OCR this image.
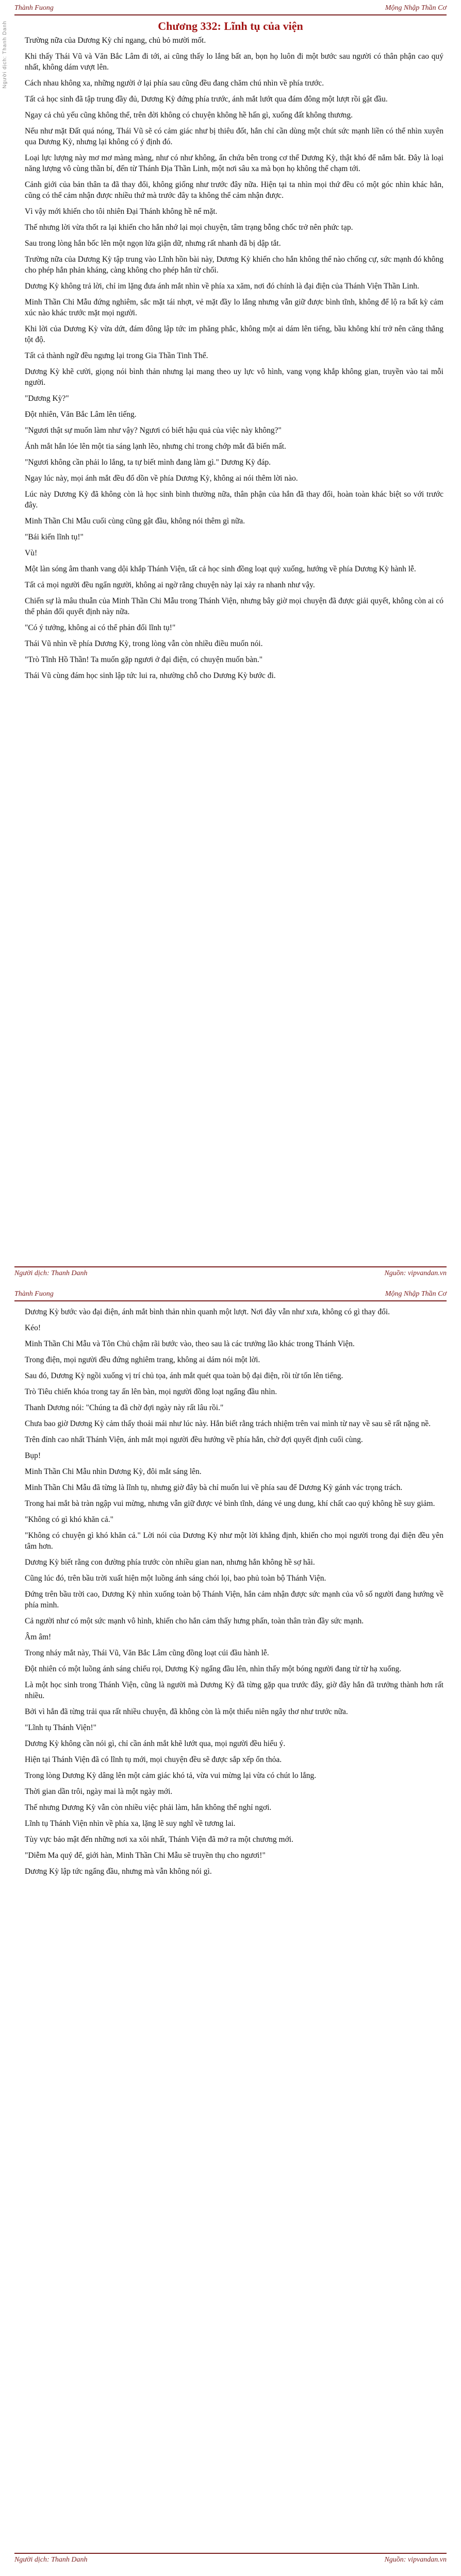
Người dịch: Thanh Danh
Thành Fuong	Mộng Nhập Thần Cơ
Chương 332: Lĩnh tụ của viện

Trường nữa của Dương Kỳ chỉ ngang, chủ bỏ mười mốt.

Khi thấy Thái Vũ và Văn Bắc Lâm đi tới, ai cũng thấy lo lắng bất an, bọn họ luôn đi một bước sau người có thân phận cao quý nhất, không dám vượt lên.

Cách nhau không xa, những người ở lại phía sau cũng đều đang chăm chú nhìn về phía trước.

Tất cả học sinh đã tập trung đầy đủ, Dương Kỳ đứng phía trước, ánh mắt lướt qua đám đông một lượt rồi gật đầu.

Ngay cả chủ yếu cũng không thể, trên đời không có chuyện không hề hấn gì, xuống đất không thương.

Nếu như mặt Đất quá nóng, Thái Vũ sẽ có cảm giác như bị thiêu đốt, hắn chỉ cần dùng một chút sức mạnh liền có thể nhìn xuyên qua Dương Kỳ, nhưng lại không có ý định đó.

Loại lực lượng này mơ mơ màng màng, như có như không, ẩn chứa bên trong cơ thể Dương Kỳ, thật khó để nắm bắt. Đây là loại năng lượng vô cùng thần bí, đến từ Thánh Địa Thần Linh, một nơi sâu xa mà bọn họ không thể chạm tới.

Cảnh giới của bản thân ta đã thay đổi, không giống như trước đây nữa. Hiện tại ta nhìn mọi thứ đều có một góc nhìn khác hẳn, cũng có thể cảm nhận được nhiều thứ mà trước đây ta không thể cảm nhận được.

Vì vậy mới khiến cho tôi nhiên Đại Thánh không hề nể mặt.

Thế nhưng lời vừa thốt ra lại khiến cho hắn nhớ lại mọi chuyện, tâm trạng bỗng chốc trở nên phức tạp.

Sau trong lòng hắn bốc lên một ngọn lửa giận dữ, nhưng rất nhanh đã bị dập tắt.

Trường nữa của Dương Kỳ tập trung vào Lĩnh hồn bài này, Dương Kỳ khiến cho hắn không thể nào chống cự, sức mạnh đó không cho phép hắn phản kháng, càng không cho phép hắn từ chối.

Dương Kỳ không trả lời, chỉ im lặng đưa ánh mắt nhìn về phía xa xăm, nơi đó chính là đại điện của Thánh Viện Thần Linh.

Minh Thần Chi Mẫu đứng nghiêm, sắc mặt tái nhợt, vẻ mặt đầy lo lắng nhưng vẫn giữ được bình tĩnh, không để lộ ra bất kỳ cảm xúc nào khác trước mặt mọi người.

Khi lời của Dương Kỳ vừa dứt, đám đông lập tức im phăng phắc, không một ai dám lên tiếng, bầu không khí trở nên căng thẳng tột độ.

Tất cả thành ngữ đều ngưng lại trong Gia Thần Tinh Thể.

Dương Kỳ khẽ cười, giọng nói bình thản nhưng lại mang theo uy lực vô hình, vang vọng khắp không gian, truyền vào tai mỗi người.

"Dương Kỳ?"

Đột nhiên, Văn Bắc Lâm lên tiếng.

"Ngươi thật sự muốn làm như vậy? Ngươi có biết hậu quả của việc này không?"

Ánh mắt hắn lóe lên một tia sáng lạnh lẽo, nhưng chỉ trong chớp mắt đã biến mất.

"Ngươi không cần phải lo lắng, ta tự biết mình đang làm gì." Dương Kỳ đáp.

Ngay lúc này, mọi ánh mắt đều đổ dồn về phía Dương Kỳ, không ai nói thêm lời nào.

Lúc này Dương Kỳ đã không còn là học sinh bình thường nữa, thân phận của hắn đã thay đổi, hoàn toàn khác biệt so với trước đây.

Minh Thần Chi Mẫu cuối cùng cũng gật đầu, không nói thêm gì nữa.

"Bái kiến lĩnh tụ!"

Vù!

Một làn sóng âm thanh vang dội khắp Thánh Viện, tất cả học sinh đồng loạt quỳ xuống, hướng về phía Dương Kỳ hành lễ.

Tất cả mọi người đều ngẩn người, không ai ngờ rằng chuyện này lại xảy ra nhanh như vậy.

Chiến sự là mâu thuẫn của Minh Thần Chi Mẫu trong Thánh Viện, nhưng bây giờ mọi chuyện đã được giải quyết, không còn ai có thể phản đối quyết định này nữa.

"Có ý tưởng, không ai có thể phản đối lĩnh tụ!"

Thái Vũ nhìn về phía Dương Kỳ, trong lòng vẫn còn nhiều điều muốn nói.

"Trò Tĩnh Hồ Thần! Ta muốn gặp ngươi ở đại điện, có chuyện muốn bàn."

Thái Vũ cùng đám học sinh lập tức lui ra, nhường chỗ cho Dương Kỳ bước đi.

Người dịch: Thanh Danh	Nguồn: vipvandan.vn
Thành Fuong	Mộng Nhập Thần Cơ

Dương Kỳ bước vào đại điện, ánh mắt bình thản nhìn quanh một lượt. Nơi đây vẫn như xưa, không có gì thay đổi.

Kéo!

Minh Thần Chi Mẫu và Tôn Chủ chậm rãi bước vào, theo sau là các trưởng lão khác trong Thánh Viện.

Trong điện, mọi người đều đứng nghiêm trang, không ai dám nói một lời.

Sau đó, Dương Kỳ ngồi xuống vị trí chủ tọa, ánh mắt quét qua toàn bộ đại điện, rồi từ tốn lên tiếng.

Trò Tiêu chiến khóa trong tay ấn lên bàn, mọi người đồng loạt ngẩng đầu nhìn.

Thanh Dương nói: "Chúng ta đã chờ đợi ngày này rất lâu rồi."

Chưa bao giờ Dương Kỳ cảm thấy thoải mái như lúc này. Hắn biết rằng trách nhiệm trên vai mình từ nay về sau sẽ rất nặng nề.

Trên đỉnh cao nhất Thánh Viện, ánh mắt mọi người đều hướng về phía hắn, chờ đợi quyết định cuối cùng.

Bụp!

Minh Thần Chi Mẫu nhìn Dương Kỳ, đôi mắt sáng lên.

Minh Thần Chi Mẫu đã từng là lĩnh tụ, nhưng giờ đây bà chỉ muốn lui về phía sau để Dương Kỳ gánh vác trọng trách.

Trong hai mắt bà tràn ngập vui mừng, nhưng vẫn giữ được vẻ bình tĩnh, dáng vẻ ung dung, khí chất cao quý không hề suy giảm.

"Không có gì khó khăn cả."

"Không có chuyện gì khó khăn cả." Lời nói của Dương Kỳ như một lời khẳng định, khiến cho mọi người trong đại điện đều yên tâm hơn.

Dương Kỳ biết rằng con đường phía trước còn nhiều gian nan, nhưng hắn không hề sợ hãi.

Cũng lúc đó, trên bầu trời xuất hiện một luồng ánh sáng chói lọi, bao phủ toàn bộ Thánh Viện.

Đứng trên bầu trời cao, Dương Kỳ nhìn xuống toàn bộ Thánh Viện, hắn cảm nhận được sức mạnh của vô số người đang hướng về phía mình.

Cả người như có một sức mạnh vô hình, khiến cho hắn cảm thấy hưng phấn, toàn thân tràn đầy sức mạnh.

Âm âm!

Trong nháy mắt này, Thái Vũ, Văn Bắc Lâm cũng đồng loạt cúi đầu hành lễ.

Đột nhiên có một luồng ánh sáng chiếu rọi, Dương Kỳ ngẩng đầu lên, nhìn thấy một bóng người đang từ từ hạ xuống.

Là một học sinh trong Thánh Viện, cũng là người mà Dương Kỳ đã từng gặp qua trước đây, giờ đây hắn đã trưởng thành hơn rất nhiều.

Bởi vì hắn đã từng trải qua rất nhiều chuyện, đã không còn là một thiếu niên ngây thơ như trước nữa.

"Lĩnh tụ Thánh Viện!"

Dương Kỳ không cần nói gì, chỉ cần ánh mắt khẽ lướt qua, mọi người đều hiểu ý.

Hiện tại Thánh Viện đã có lĩnh tụ mới, mọi chuyện đều sẽ được sắp xếp ổn thỏa.

Trong lòng Dương Kỳ dâng lên một cảm giác khó tả, vừa vui mừng lại vừa có chút lo lắng.

Thời gian dần trôi, ngày mai là một ngày mới.

Thế nhưng Dương Kỳ vẫn còn nhiều việc phải làm, hắn không thể nghỉ ngơi.

Lĩnh tụ Thánh Viện nhìn về phía xa, lặng lẽ suy nghĩ về tương lai.

Tùy vực bảo mật đến những nơi xa xôi nhất, Thánh Viện đã mở ra một chương mới.

"Diễm Ma quý để, giới hàn, Minh Thần Chi Mẫu sẽ truyền thụ cho ngươi!"

Dương Kỳ lập tức ngẩng đầu, nhưng mà vẫn không nói gì.

Người dịch: Thanh Danh	Nguồn: vipvandan.vn
